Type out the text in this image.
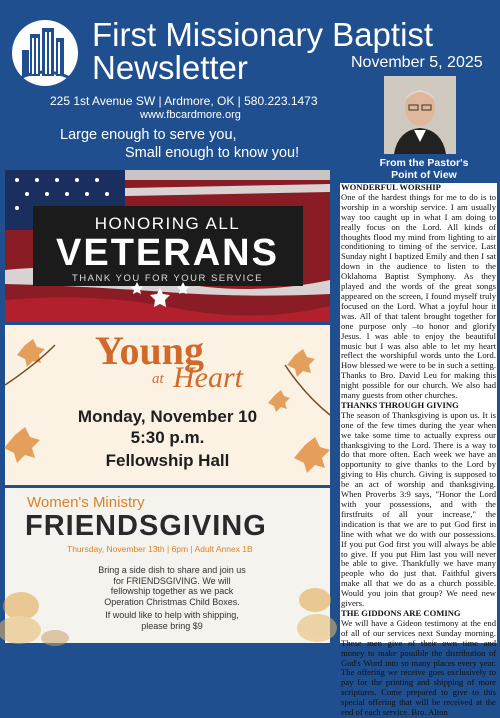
First Missionary Baptist
Newsletter	November 5, 2025
225 1st Avenue SW | Ardmore, OK | 580.223.1473
www.fbcardmore.org
Large enough to serve you,
Small enough to know you!
From the Pastor's Point of View
HONORING ALL
VETERANS
THANK YOU FOR YOUR SERVICE
Young
at Heart
Monday, November 10
5:30 p.m.
Fellowship Hall
Women's Ministry
FRIENDSGIVING
Thursday, November 13th | 6pm | Adult Annex 1B
Bring a side dish to share and join us for FRIENDSGIVING. We will fellowship together as we pack Operation Christmas Child Boxes.
If would like to help with shipping, please bring $9
WONDERFUL WORSHIP

One of the hardest things for me to do is to worship in a worship service. I am usually way too caught up in what I am doing to really focus on the Lord. All kinds of thoughts flood my mind from lighting to air conditioning to timing of the service. Last Sunday night I baptized Emily and then I sat down in the audience to listen to the Oklahoma Baptist Symphony. As they played and the words of the great songs appeared on the screen, I found myself truly focused on the Lord. What a joyful hour it was. All of that talent brought together for one purpose only –to honor and glorify Jesus. I was able to enjoy the beautiful music but I was also able to let my heart reflect the worshipful words unto the Lord. How blessed we were to be in such a setting. Thanks to Bro. David Leu for making this night possible for our church. We also had many guests from other churches.

THANKS THROUGH GIVING

The season of Thanksgiving is upon us. It is one of the few times during the year when we take some time to actually express our thanksgiving to the Lord. There is a way to do that more often. Each week we have an opportunity to give thanks to the Lord by giving to His church. Giving is supposed to be an act of worship and thanksgiving. When Proverbs 3:9 says, "Honor the Lord with your possessions, and with the firstfruits of all your increase," the indication is that we are to put God first in line with what we do with our possessions. If you put God first you will always be able to give. If you put Him last you will never be able to give. Thankfully we have many people who do just that. Faithful givers make all that we do as a church possible. Would you join that group? We need new givers.

THE GIDDONS ARE COMING

We will have a Gideon testimony at the end of all of our services next Sunday morning. These men give of their own time and money to make possible the distribution of God's Word into so many places every year. The offering we receive goes exclusively to pay for the printing and shipping of more scriptures. Come prepared to give to this special offering that will be received at the end of each service. Bro. Alton
